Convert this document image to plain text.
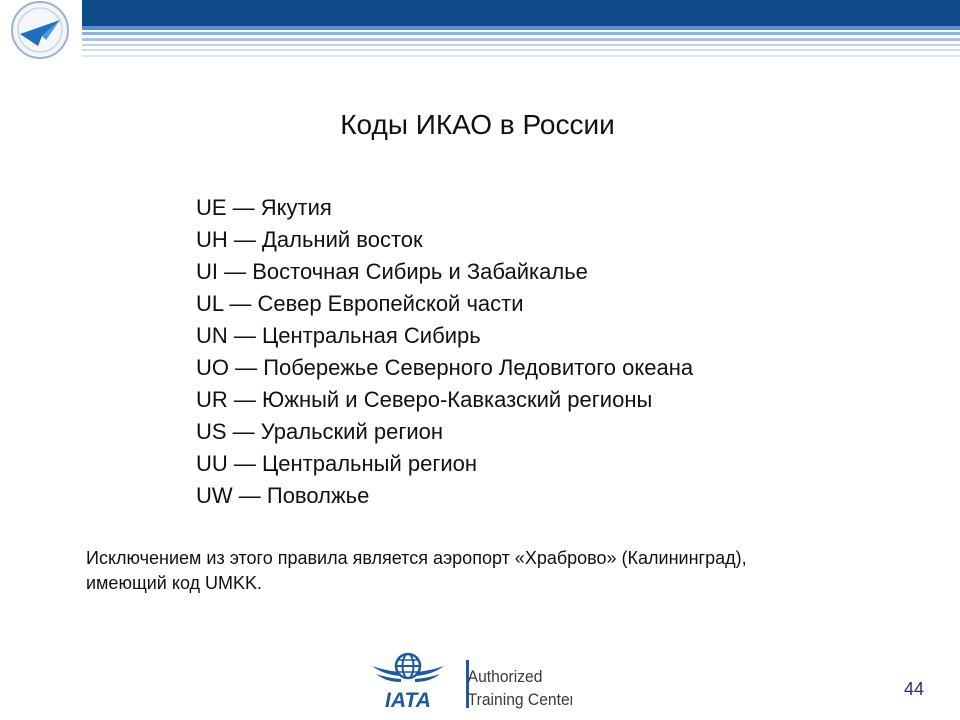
Коды ИКАО в России
UE — Якутия
UH — Дальний восток
UI — Восточная Сибирь и Забайкалье
UL — Север Европейской части
UN — Центральная Сибирь
UO — Побережье Северного Ледовитого океана
UR — Южный и Северо-Кавказский регионы
US — Уральский регион
UU — Центральный регион
UW — Поволжье

Исключением из этого правила является аэропорт «Храброво» (Калининград),
имеющий код UMKK.

IATA
Authorized
Training Center
44
